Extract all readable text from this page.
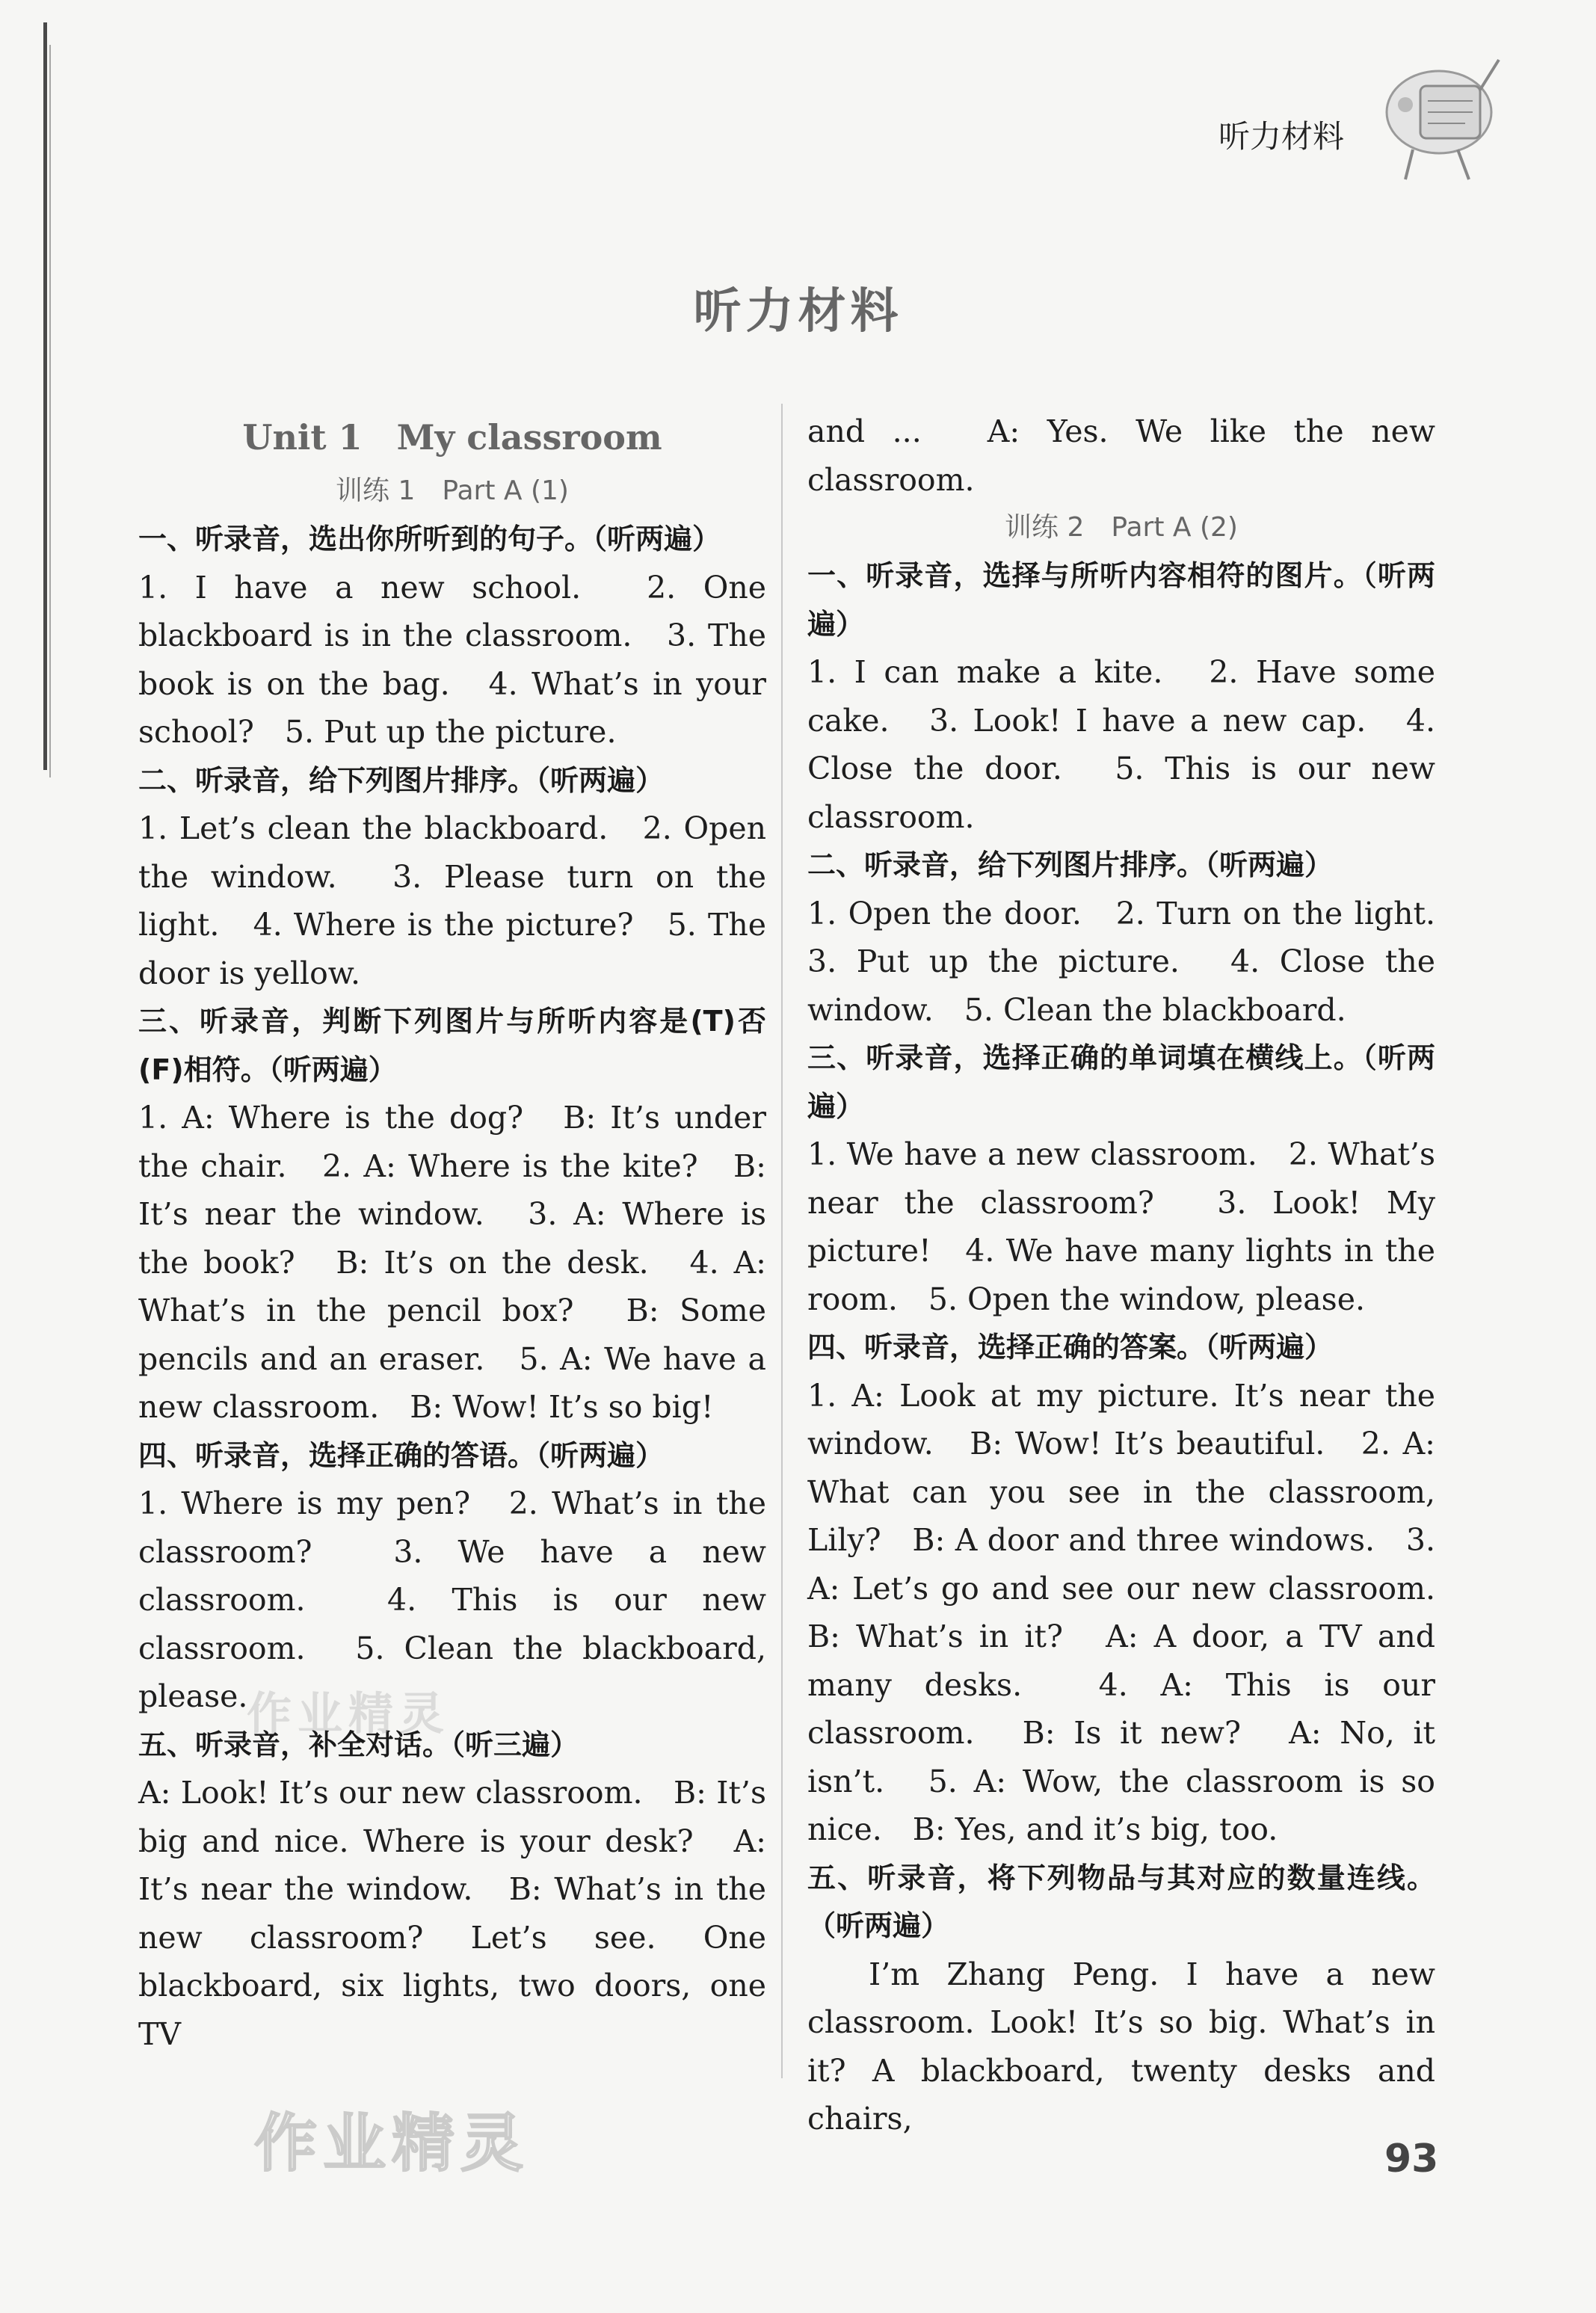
听力材料
听力材料
Unit 1　My classroom
训练 1　Part A (1)
一、听录音，选出你所听到的句子。（听两遍）
1. I have a new school.　2. One blackboard is in the classroom.　3. The book is on the bag.　4. What’s in your school?　5. Put up the picture.
二、听录音，给下列图片排序。（听两遍）
1. Let’s clean the blackboard.　2. Open the window.　3. Please turn on the light.　4. Where is the picture?　5. The door is yellow.
三、听录音，判断下列图片与所听内容是(T)否(F)相符。（听两遍）
1. A: Where is the dog?　B: It’s under the chair.　2. A: Where is the kite?　B: It’s near the window.　3. A: Where is the book?　B: It’s on the desk.　4. A: What’s in the pencil box?　B: Some pencils and an eraser.　5. A: We have a new classroom.　B: Wow! It’s so big!
四、听录音，选择正确的答语。（听两遍）
1. Where is my pen?　2. What’s in the classroom?　3. We have a new classroom.　4. This is our new classroom.　5. Clean the blackboard, please.
五、听录音，补全对话。（听三遍）
A: Look! It’s our new classroom.　B: It’s big and nice. Where is your desk?　A: It’s near the window.　B: What’s in the new classroom? Let’s see. One blackboard, six lights, two doors, one TV
and ...　A: Yes. We like the new classroom.
训练 2　Part A (2)
一、听录音，选择与所听内容相符的图片。（听两遍）
1. I can make a kite.　2. Have some cake.　3. Look! I have a new cap.　4. Close the door.　5. This is our new classroom.
二、听录音，给下列图片排序。（听两遍）
1. Open the door.　2. Turn on the light.　3. Put up the picture.　4. Close the window.　5. Clean the blackboard.
三、听录音，选择正确的单词填在横线上。（听两遍）
1. We have a new classroom.　2. What’s near the classroom?　3. Look! My picture!　4. We have many lights in the room.　5. Open the window, please.
四、听录音，选择正确的答案。（听两遍）
1. A: Look at my picture. It’s near the window.　B: Wow! It’s beautiful.　2. A: What can you see in the classroom, Lily?　B: A door and three windows.　3. A: Let’s go and see our new classroom.　B: What’s in it?　A: A door, a TV and many desks.　4. A: This is our classroom.　B: Is it new?　A: No, it isn’t.　5. A: Wow, the classroom is so nice.　B: Yes, and it’s big, too.
五、听录音，将下列物品与其对应的数量连线。（听两遍）
I’m Zhang Peng. I have a new classroom. Look! It’s so big. What’s in it? A blackboard, twenty desks and chairs,
作业精灵
作业精灵	93
